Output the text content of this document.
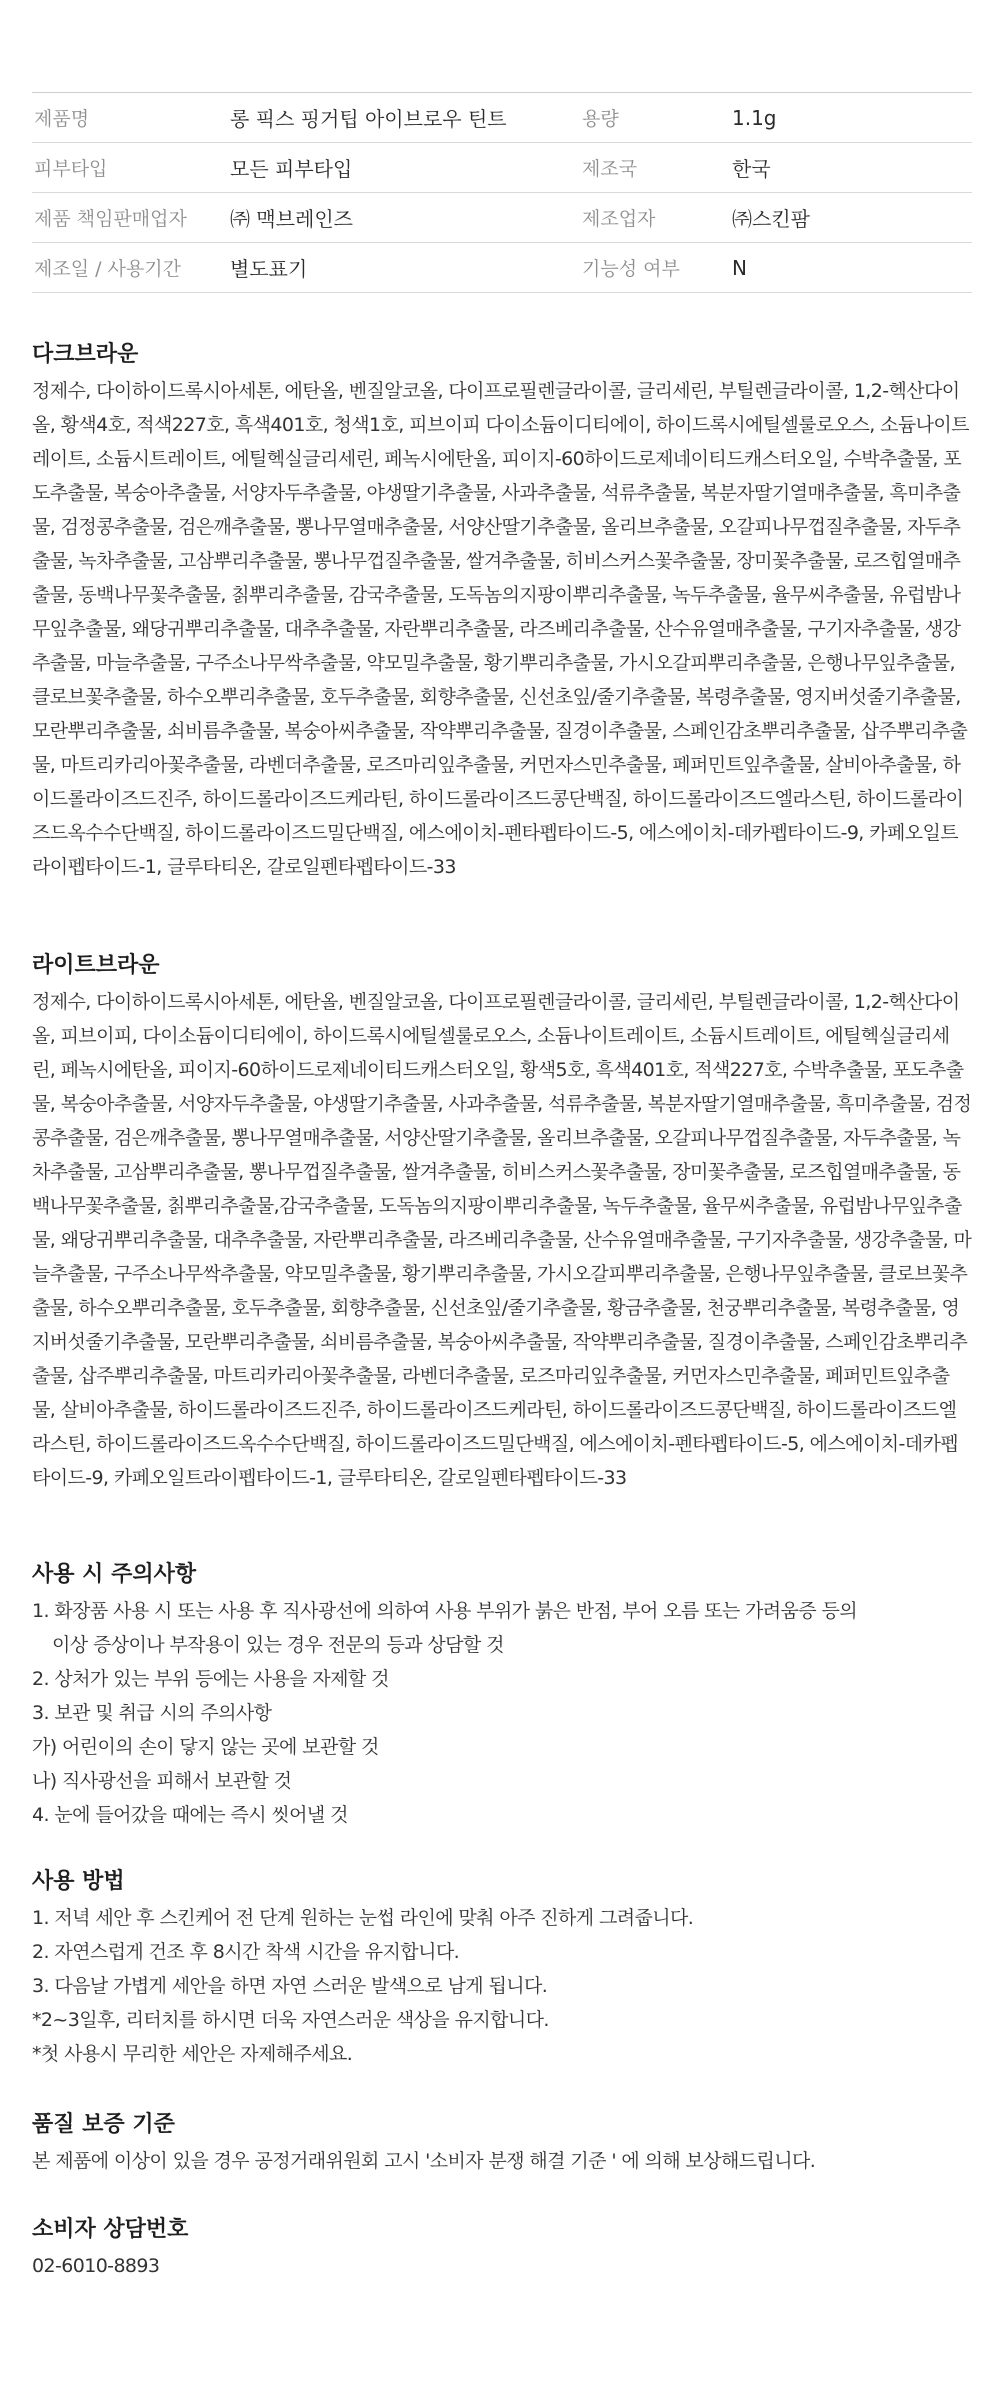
제품명	롱 픽스 핑거팁 아이브로우 틴트	용량	1.1g
피부타입	모든 피부타입	제조국	한국
제품 책임판매업자	㈜ 맥브레인즈	제조업자	㈜스킨팜
제조일 / 사용기간	별도표기	기능성 여부	N
다크브라운

정제수, 다이하이드록시아세톤, 에탄올, 벤질알코올, 다이프로필렌글라이콜, 글리세린, 부틸렌글라이콜, 1,2-헥산다이올, 황색4호, 적색227호, 흑색401호, 청색1호, 피브이피 다이소듐이디티에이, 하이드록시에틸셀룰로오스, 소듐나이트레이트, 소듐시트레이트, 에틸헥실글리세린, 페녹시에탄올, 피이지-60하이드로제네이티드캐스터오일, 수박추출물, 포도추출물, 복숭아추출물, 서양자두추출물, 야생딸기추출물, 사과추출물, 석류추출물, 복분자딸기열매추출물, 흑미추출물, 검정콩추출물, 검은깨추출물, 뽕나무열매추출물, 서양산딸기추출물, 올리브추출물, 오갈피나무껍질추출물, 자두추출물, 녹차추출물, 고삼뿌리추출물, 뽕나무껍질추출물, 쌀겨추출물, 히비스커스꽃추출물, 장미꽃추출물, 로즈힙열매추출물, 동백나무꽃추출물, 칡뿌리추출물, 감국추출물, 도독놈의지팡이뿌리추출물, 녹두추출물, 율무씨추출물, 유럽밤나무잎추출물, 왜당귀뿌리추출물, 대추추출물, 자란뿌리추출물, 라즈베리추출물, 산수유열매추출물, 구기자추출물, 생강추출물, 마늘추출물, 구주소나무싹추출물, 약모밀추출물, 황기뿌리추출물, 가시오갈피뿌리추출물, 은행나무잎추출물, 클로브꽃추출물, 하수오뿌리추출물, 호두추출물, 회향추출물, 신선초잎/줄기추출물, 복령추출물, 영지버섯줄기추출물, 모란뿌리추출물, 쇠비름추출물, 복숭아씨추출물, 작약뿌리추출물, 질경이추출물, 스페인감초뿌리추출물, 삽주뿌리추출물, 마트리카리아꽃추출물, 라벤더추출물, 로즈마리잎추출물, 커먼자스민추출물, 페퍼민트잎추출물, 살비아추출물, 하이드롤라이즈드진주, 하이드롤라이즈드케라틴, 하이드롤라이즈드콩단백질, 하이드롤라이즈드엘라스틴, 하이드롤라이즈드옥수수단백질, 하이드롤라이즈드밀단백질, 에스에이치-펜타펩타이드-5, 에스에이치-데카펩타이드-9, 카페오일트라이펩타이드-1, 글루타티온, 갈로일펜타펩타이드-33

라이트브라운

정제수, 다이하이드록시아세톤, 에탄올, 벤질알코올, 다이프로필렌글라이콜, 글리세린, 부틸렌글라이콜, 1,2-헥산다이올, 피브이피, 다이소듐이디티에이, 하이드록시에틸셀룰로오스, 소듐나이트레이트, 소듐시트레이트, 에틸헥실글리세린, 페녹시에탄올, 피이지-60하이드로제네이티드캐스터오일, 황색5호, 흑색401호, 적색227호, 수박추출물, 포도추출물, 복숭아추출물, 서양자두추출물, 야생딸기추출물, 사과추출물, 석류추출물, 복분자딸기열매추출물, 흑미추출물, 검정콩추출물, 검은깨추출물, 뽕나무열매추출물, 서양산딸기추출물, 올리브추출물, 오갈피나무껍질추출물, 자두추출물, 녹차추출물, 고삼뿌리추출물, 뽕나무껍질추출물, 쌀겨추출물, 히비스커스꽃추출물, 장미꽃추출물, 로즈힙열매추출물, 동백나무꽃추출물, 칡뿌리추출물,감국추출물, 도독놈의지팡이뿌리추출물, 녹두추출물, 율무씨추출물, 유럽밤나무잎추출물, 왜당귀뿌리추출물, 대추추출물, 자란뿌리추출물, 라즈베리추출물, 산수유열매추출물, 구기자추출물, 생강추출물, 마늘추출물, 구주소나무싹추출물, 약모밀추출물, 황기뿌리추출물, 가시오갈피뿌리추출물, 은행나무잎추출물, 클로브꽃추출물, 하수오뿌리추출물, 호두추출물, 회향추출물, 신선초잎/줄기추출물, 황금추출물, 천궁뿌리추출물, 복령추출물, 영지버섯줄기추출물, 모란뿌리추출물, 쇠비름추출물, 복숭아씨추출물, 작약뿌리추출물, 질경이추출물, 스페인감초뿌리추출물, 삽주뿌리추출물, 마트리카리아꽃추출물, 라벤더추출물, 로즈마리잎추출물, 커먼자스민추출물, 페퍼민트잎추출물, 살비아추출물, 하이드롤라이즈드진주, 하이드롤라이즈드케라틴, 하이드롤라이즈드콩단백질, 하이드롤라이즈드엘라스틴, 하이드롤라이즈드옥수수단백질, 하이드롤라이즈드밀단백질, 에스에이치-펜타펩타이드-5, 에스에이치-데카펩타이드-9, 카페오일트라이펩타이드-1, 글루타티온, 갈로일펜타펩타이드-33

사용 시 주의사항
1. 화장품 사용 시 또는 사용 후 직사광선에 의하여 사용 부위가 붉은 반점, 부어 오름 또는 가려움증 등의
이상 증상이나 부작용이 있는 경우 전문의 등과 상담할 것
2. 상처가 있는 부위 등에는 사용을 자제할 것
3. 보관 및 취급 시의 주의사항
가) 어린이의 손이 닿지 않는 곳에 보관할 것
나) 직사광선을 피해서 보관할 것
4. 눈에 들어갔을 때에는 즉시 씻어낼 것
사용 방법
1. 저녁 세안 후 스킨케어 전 단계 원하는 눈썹 라인에 맞춰 아주 진하게 그려줍니다.
2. 자연스럽게 건조 후 8시간 착색 시간을 유지합니다.
3. 다음날 가볍게 세안을 하면 자연 스러운 발색으로 남게 됩니다.
*2~3일후, 리터치를 하시면 더욱 자연스러운 색상을 유지합니다.
*첫 사용시 무리한 세안은 자제해주세요.
품질 보증 기준

본 제품에 이상이 있을 경우 공정거래위원회 고시 '소비자 분쟁 해결 기준 ' 에 의해 보상해드립니다.

소비자 상담번호

02-6010-8893
